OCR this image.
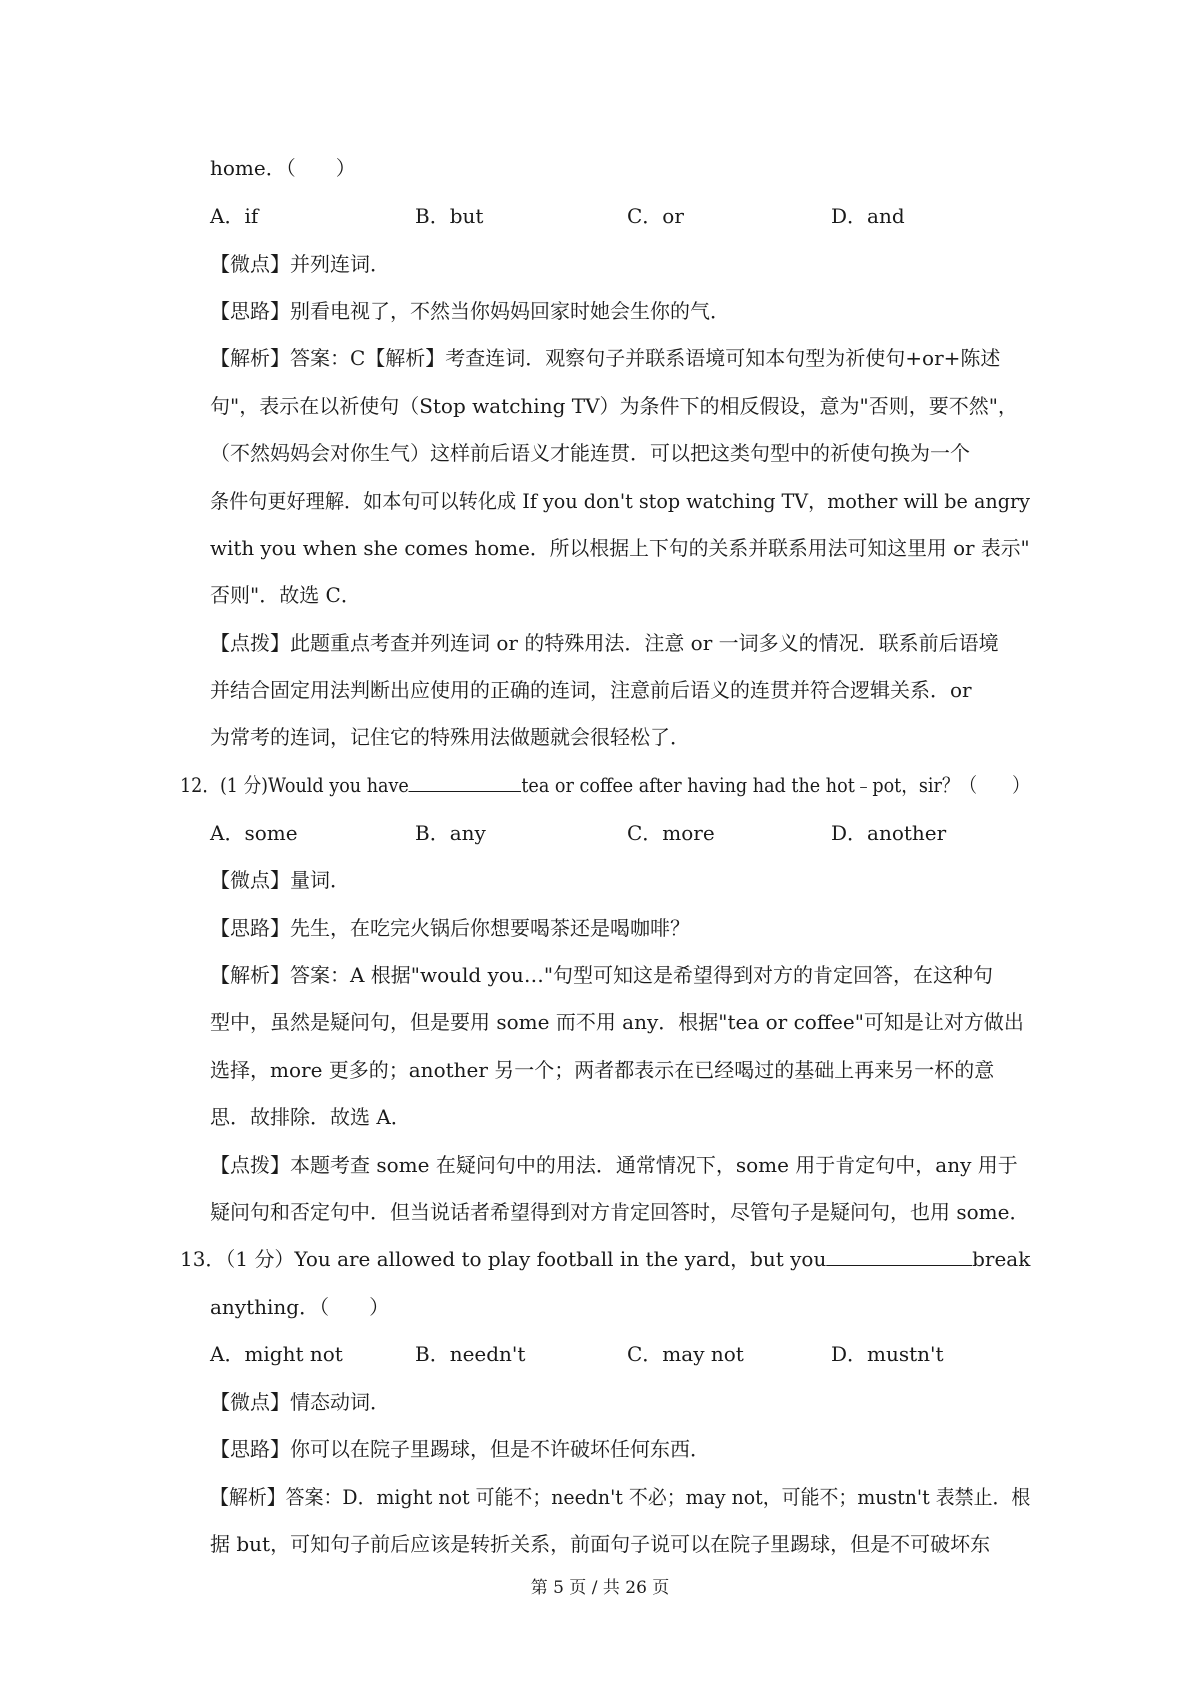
home．（　　）
A．if	B．but	C．or	D．and
【微点】并列连词．
【思路】别看电视了，不然当你妈妈回家时她会生你的气．
【解析】答案：C【解析】考查连词．观察句子并联系语境可知本句型为祈使句+or+陈述
句"，表示在以祈使句（Stop watching TV）为条件下的相反假设，意为"否则，要不然"，
（不然妈妈会对你生气）这样前后语义才能连贯．可以把这类句型中的祈使句换为一个
条件句更好理解．如本句可以转化成 If you don't stop watching TV，mother will be angry
with you when she comes home．所以根据上下句的关系并联系用法可知这里用 or 表示"
否则"．故选 C．
【点拨】此题重点考查并列连词 or 的特殊用法．注意 or 一词多义的情况．联系前后语境
并结合固定用法判断出应使用的正确的连词，注意前后语义的连贯并符合逻辑关系．or
为常考的连词，记住它的特殊用法做题就会很轻松了．
12．(1 分)Would you have	tea or coffee after having had the hot﹣pot，sir？（　　）
A．some	B．any	C．more	D．another
【微点】量词．
【思路】先生，在吃完火锅后你想要喝茶还是喝咖啡？
【解析】答案：A 根据"would you…"句型可知这是希望得到对方的肯定回答，在这种句
型中，虽然是疑问句，但是要用 some 而不用 any．根据"tea or coffee"可知是让对方做出
选择，more 更多的；another 另一个；两者都表示在已经喝过的基础上再来另一杯的意
思．故排除．故选 A．
【点拨】本题考查 some 在疑问句中的用法．通常情况下，some 用于肯定句中，any 用于
疑问句和否定句中．但当说话者希望得到对方肯定回答时，尽管句子是疑问句，也用 some．
13．（1 分）You are allowed to play football in the yard，but you	break
anything．（　　）
A．might not	B．needn't	C．may not	D．mustn't
【微点】情态动词．
【思路】你可以在院子里踢球，但是不许破坏任何东西．
【解析】答案：D．might not 可能不；needn't 不必；may not，可能不；mustn't 表禁止．根
据 but，可知句子前后应该是转折关系，前面句子说可以在院子里踢球，但是不可破坏东
第 5 页 / 共 26 页
